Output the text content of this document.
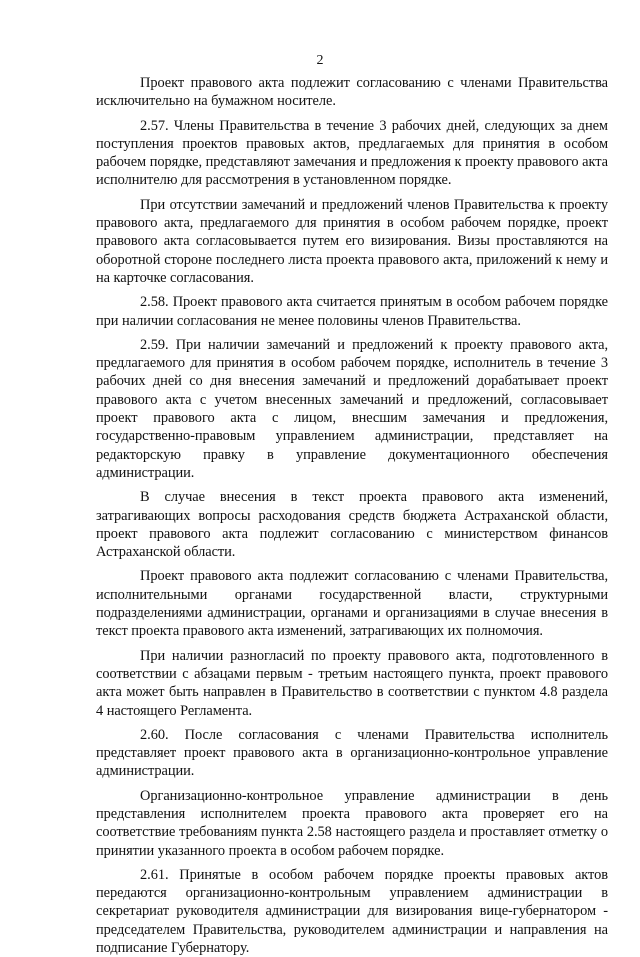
2

Проект правового акта подлежит согласованию с членами Правительства исключительно на бумажном носителе.

2.57. Члены Правительства в течение 3 рабочих дней, следующих за днем поступления проектов правовых актов, предлагаемых для принятия в особом рабочем порядке, представляют замечания и предложения к проекту правового акта исполнителю для рассмотрения в установленном порядке.

При отсутствии замечаний и предложений членов Правительства к проекту правового акта, предлагаемого для принятия в особом рабочем порядке, проект правового акта согласовывается путем его визирования. Визы проставляются на оборотной стороне последнего листа проекта правового акта, приложений к нему и на карточке согласования.

2.58. Проект правового акта считается принятым в особом рабочем порядке при наличии согласования не менее половины членов Правительства.

2.59. При наличии замечаний и предложений к проекту правового акта, предлагаемого для принятия в особом рабочем порядке, исполнитель в течение 3 рабочих дней со дня внесения замечаний и предложений дорабатывает проект правового акта с учетом внесенных замечаний и предложений, согласовывает проект правового акта с лицом, внесшим замечания и предложения, государственно-правовым управлением администрации, представляет на редакторскую правку в управление документационного обеспечения администрации.

В случае внесения в текст проекта правового акта изменений, затрагивающих вопросы расходования средств бюджета Астраханской области, проект правового акта подлежит согласованию с министерством финансов Астраханской области.

Проект правового акта подлежит согласованию с членами Правительства, исполнительными органами государственной власти, структурными подразделениями администрации, органами и организациями в случае внесения в текст проекта правового акта изменений, затрагивающих их полномочия.

При наличии разногласий по проекту правового акта, подготовленного в соответствии с абзацами первым - третьим настоящего пункта, проект правового акта может быть направлен в Правительство в соответствии с пунктом 4.8 раздела 4 настоящего Регламента.

2.60. После согласования с членами Правительства исполнитель представляет проект правового акта в организационно-контрольное управление администрации.

Организационно-контрольное управление администрации в день представления исполнителем проекта правового акта проверяет его на соответствие требованиям пункта 2.58 настоящего раздела и проставляет отметку о принятии указанного проекта в особом рабочем порядке.

2.61. Принятые в особом рабочем порядке проекты правовых актов передаются организационно-контрольным управлением администрации в секретариат руководителя администрации для визирования вице-губернатором - председателем Правительства, руководителем администрации и направления на подписание Губернатору.
